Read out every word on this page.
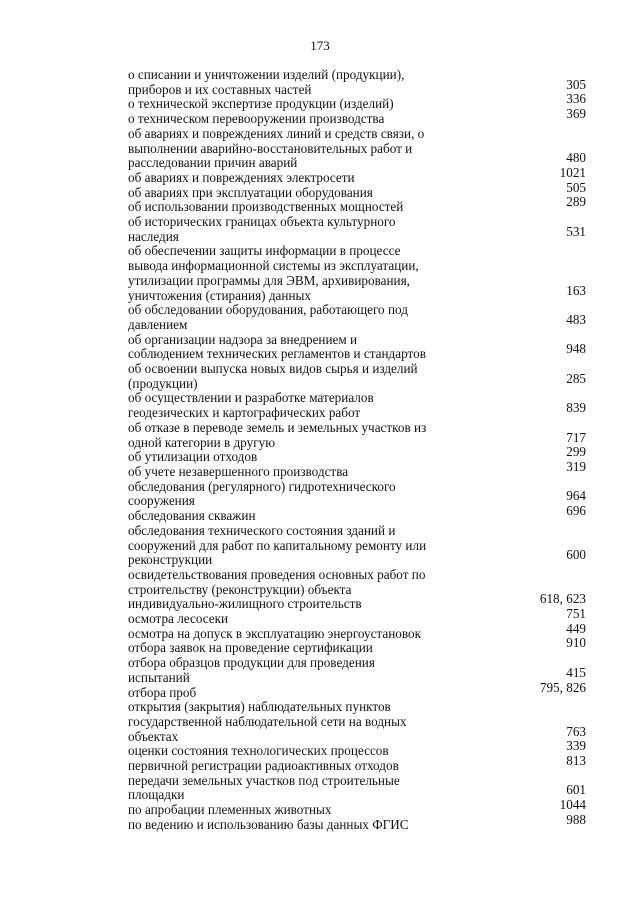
173
о списании и уничтожении изделий (продукции),
приборов и их составных частей	305
о технической экспертизе продукции (изделий)	336
о техническом перевооружении производства	369
об авариях и повреждениях линий и средств связи, о
выполнении аварийно-восстановительных работ и
расследовании причин аварий	480
об авариях и повреждениях электросети	1021
об авариях при эксплуатации оборудования	505
об использовании производственных мощностей	289
об исторических границах объекта культурного
наследия	531
об обеспечении защиты информации в процессе
вывода информационной системы из эксплуатации,
утилизации программы для ЭВМ, архивирования,
уничтожения (стирания) данных	163
об обследовании оборудования, работающего под
давлением	483
об организации надзора за внедрением и
соблюдением технических регламентов и стандартов	948
об освоении выпуска новых видов сырья и изделий
(продукции)	285
об осуществлении и разработке материалов
геодезических и картографических работ	839
об отказе в переводе земель и земельных участков из
одной категории в другую	717
об утилизации отходов	299
об учете незавершенного производства	319
обследования (регулярного) гидротехнического
сооружения	964
обследования скважин	696
обследования технического состояния зданий и
сооружений для работ по капитальному ремонту или
реконструкции	600
освидетельствования проведения основных работ по
строительству (реконструкции) объекта
индивидуально-жилищного строительств	618, 623
осмотра лесосеки	751
осмотра на допуск в эксплуатацию энергоустановок	449
отбора заявок на проведение сертификации	910
отбора образцов продукции для проведения
испытаний	415
отбора проб	795, 826
открытия (закрытия) наблюдательных пунктов
государственной наблюдательной сети на водных
объектах	763
оценки состояния технологических процессов	339
первичной регистрации радиоактивных отходов	813
передачи земельных участков под строительные
площадки	601
по апробации племенных животных	1044
по ведению и использованию базы данных ФГИС	988
